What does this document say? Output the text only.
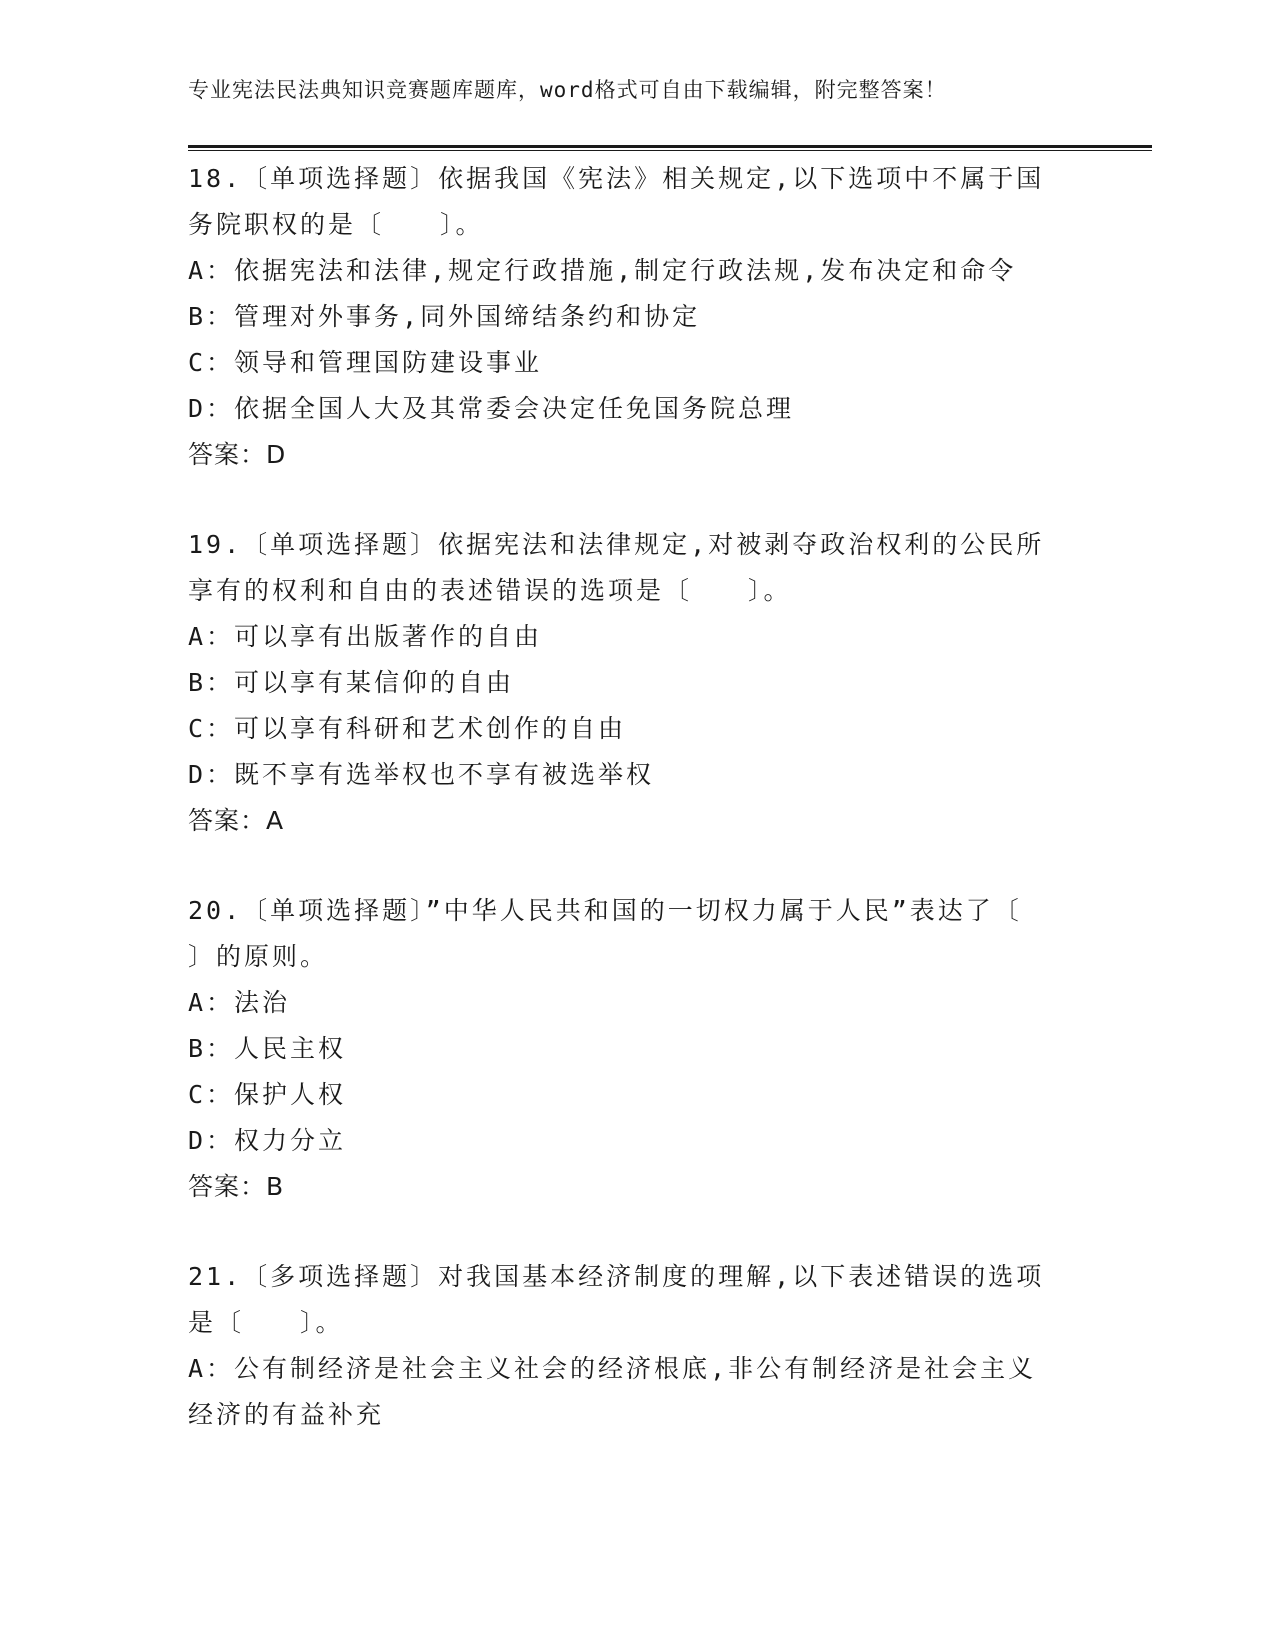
专业宪法民法典知识竞赛题库题库，word格式可自由下载编辑，附完整答案！

18.〔单项选择题〕依据我国《宪法》相关规定,以下选项中不属于国

务院职权的是〔　　〕。

A：依据宪法和法律,规定行政措施,制定行政法规,发布决定和命令

B：管理对外事务,同外国缔结条约和协定

C：领导和管理国防建设事业

D：依据全国人大及其常委会决定任免国务院总理

答案：D

19.〔单项选择题〕依据宪法和法律规定,对被剥夺政治权利的公民所

享有的权利和自由的表述错误的选项是〔　　〕。

A：可以享有出版著作的自由

B：可以享有某信仰的自由

C：可以享有科研和艺术创作的自由

D：既不享有选举权也不享有被选举权

答案：A

20.〔单项选择题〕”中华人民共和国的一切权力属于人民”表达了〔

〕的原则。

A：法治

B：人民主权

C：保护人权

D：权力分立

答案：B

21.〔多项选择题〕对我国基本经济制度的理解,以下表述错误的选项

是〔　　〕。

A：公有制经济是社会主义社会的经济根底,非公有制经济是社会主义

经济的有益补充
